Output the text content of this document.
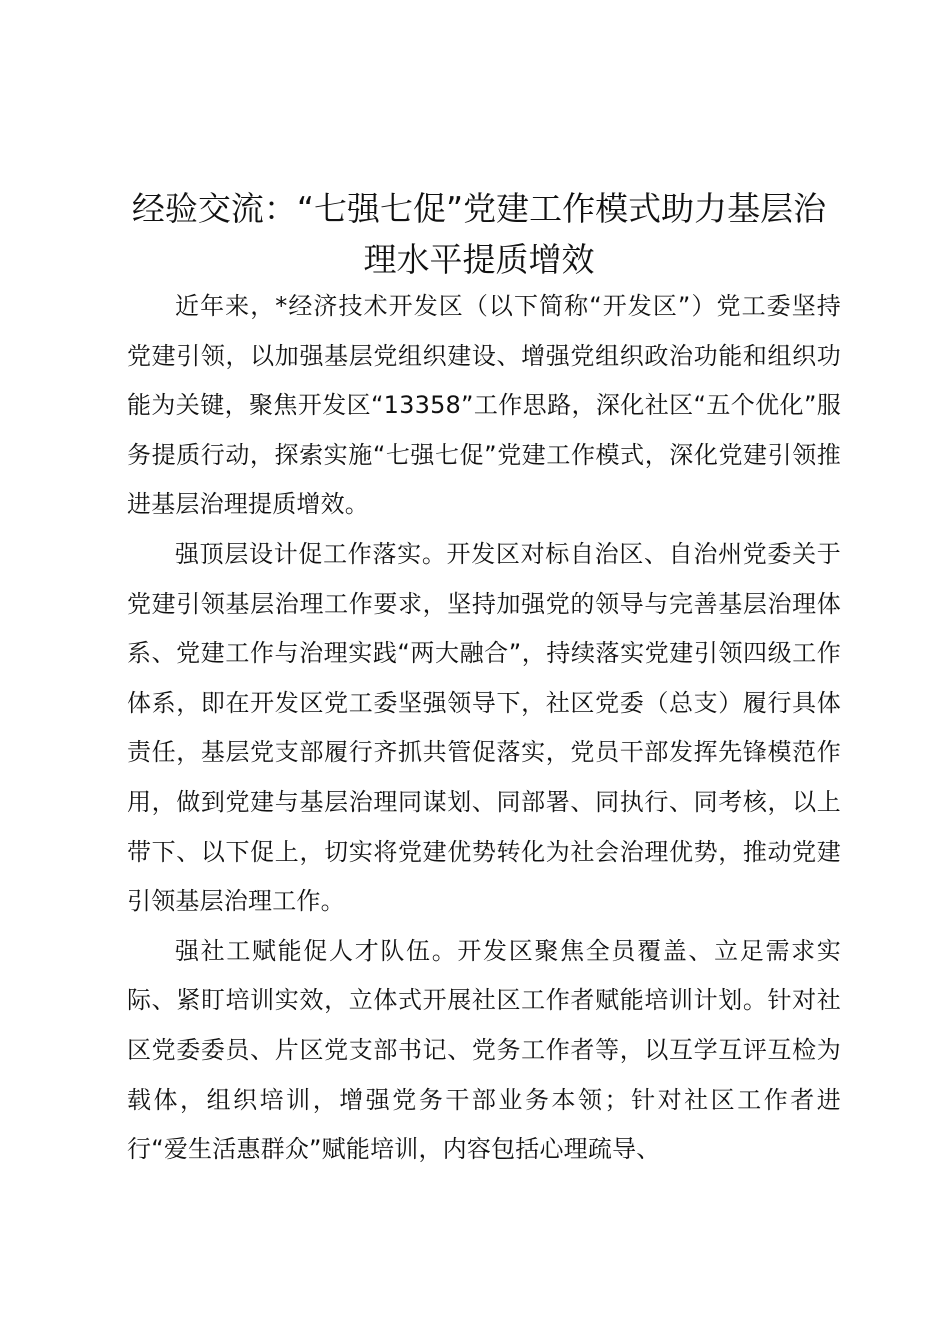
经验交流：“七强七促”党建工作模式助力基层治理水平提质增效

近年来，*经济技术开发区（以下简称“开发区”）党工委坚持党建引领，以加强基层党组织建设、增强党组织政治功能和组织功能为关键，聚焦开发区“13358”工作思路，深化社区“五个优化”服务提质行动，探索实施“七强七促”党建工作模式，深化党建引领推进基层治理提质增效。

强顶层设计促工作落实。开发区对标自治区、自治州党委关于党建引领基层治理工作要求，坚持加强党的领导与完善基层治理体系、党建工作与治理实践“两大融合”，持续落实党建引领四级工作体系，即在开发区党工委坚强领导下，社区党委（总支）履行具体责任，基层党支部履行齐抓共管促落实，党员干部发挥先锋模范作用，做到党建与基层治理同谋划、同部署、同执行、同考核，以上带下、以下促上，切实将党建优势转化为社会治理优势，推动党建引领基层治理工作。

强社工赋能促人才队伍。开发区聚焦全员覆盖、立足需求实际、紧盯培训实效，立体式开展社区工作者赋能培训计划。针对社区党委委员、片区党支部书记、党务工作者等，以互学互评互检为载体，组织培训，增强党务干部业务本领；针对社区工作者进行“爱生活惠群众”赋能培训，内容包括心理疏导、
